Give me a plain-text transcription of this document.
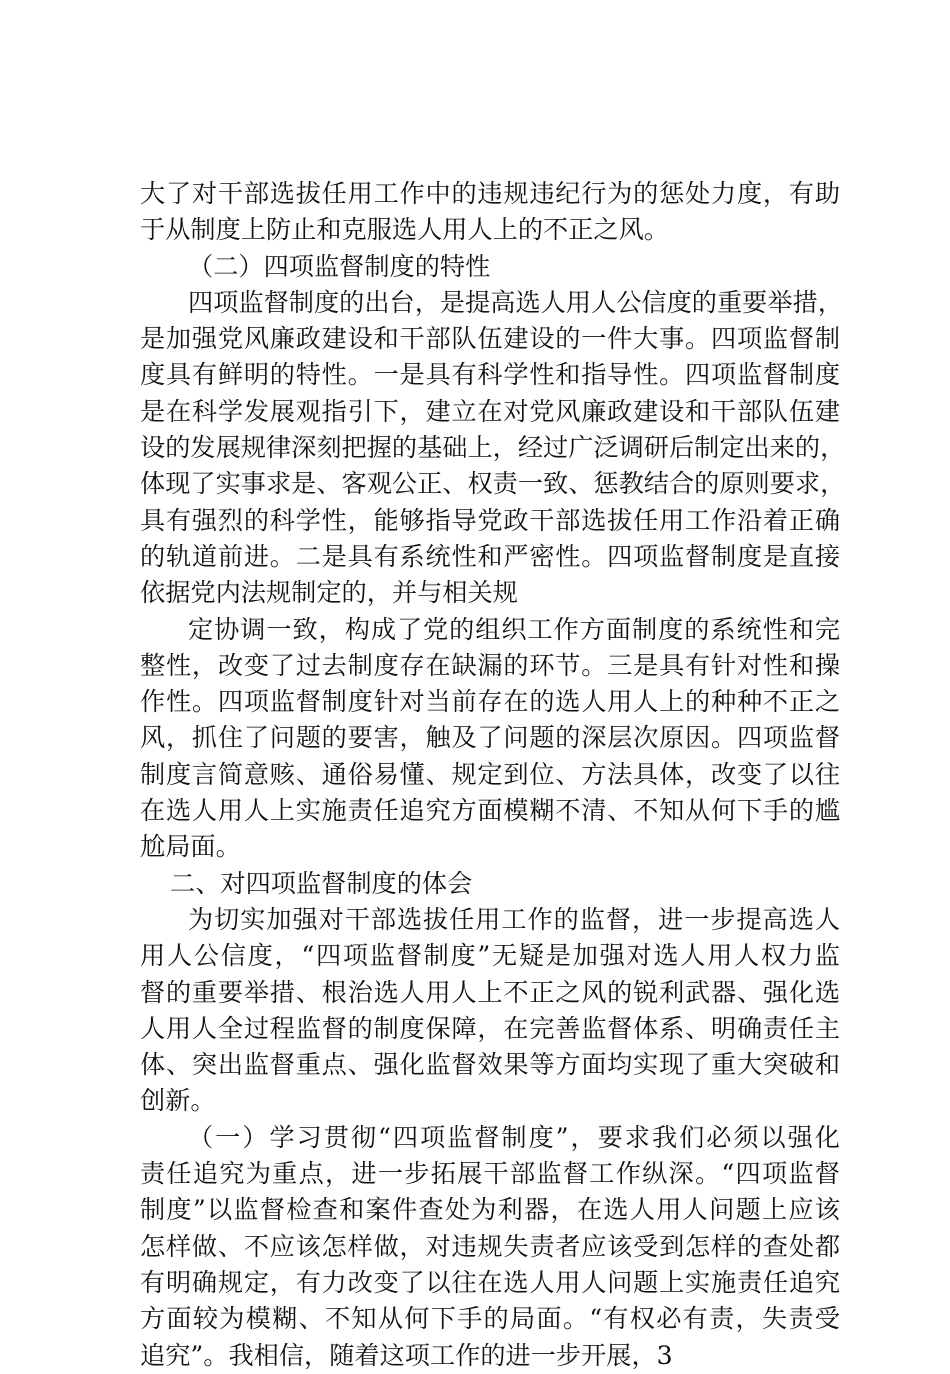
大了对干部选拔任用工作中的违规违纪行为的惩处力度，有助
于从制度上防止和克服选人用人上的不正之风。
（二）四项监督制度的特性
四项监督制度的出台，是提高选人用人公信度的重要举措，
是加强党风廉政建设和干部队伍建设的一件大事。四项监督制
度具有鲜明的特性。一是具有科学性和指导性。四项监督制度
是在科学发展观指引下，建立在对党风廉政建设和干部队伍建
设的发展规律深刻把握的基础上，经过广泛调研后制定出来的，
体现了实事求是、客观公正、权责一致、惩教结合的原则要求，
具有强烈的科学性，能够指导党政干部选拔任用工作沿着正确
的轨道前进。二是具有系统性和严密性。四项监督制度是直接
依据党内法规制定的，并与相关规
定协调一致，构成了党的组织工作方面制度的系统性和完
整性，改变了过去制度存在缺漏的环节。三是具有针对性和操
作性。四项监督制度针对当前存在的选人用人上的种种不正之
风，抓住了问题的要害，触及了问题的深层次原因。四项监督
制度言简意赅、通俗易懂、规定到位、方法具体，改变了以往
在选人用人上实施责任追究方面模糊不清、不知从何下手的尴
尬局面。
二、对四项监督制度的体会
为切实加强对干部选拔任用工作的监督，进一步提高选人
用人公信度，“四项监督制度”无疑是加强对选人用人权力监
督的重要举措、根治选人用人上不正之风的锐利武器、强化选
人用人全过程监督的制度保障，在完善监督体系、明确责任主
体、突出监督重点、强化监督效果等方面均实现了重大突破和
创新。
（一）学习贯彻“四项监督制度”，要求我们必须以强化
责任追究为重点，进一步拓展干部监督工作纵深。“四项监督
制度”以监督检查和案件查处为利器，在选人用人问题上应该
怎样做、不应该怎样做，对违规失责者应该受到怎样的查处都
有明确规定，有力改变了以往在选人用人问题上实施责任追究
方面较为模糊、不知从何下手的局面。“有权必有责，失责受
追究”。我相信，随着这项工作的进一步开展，3
